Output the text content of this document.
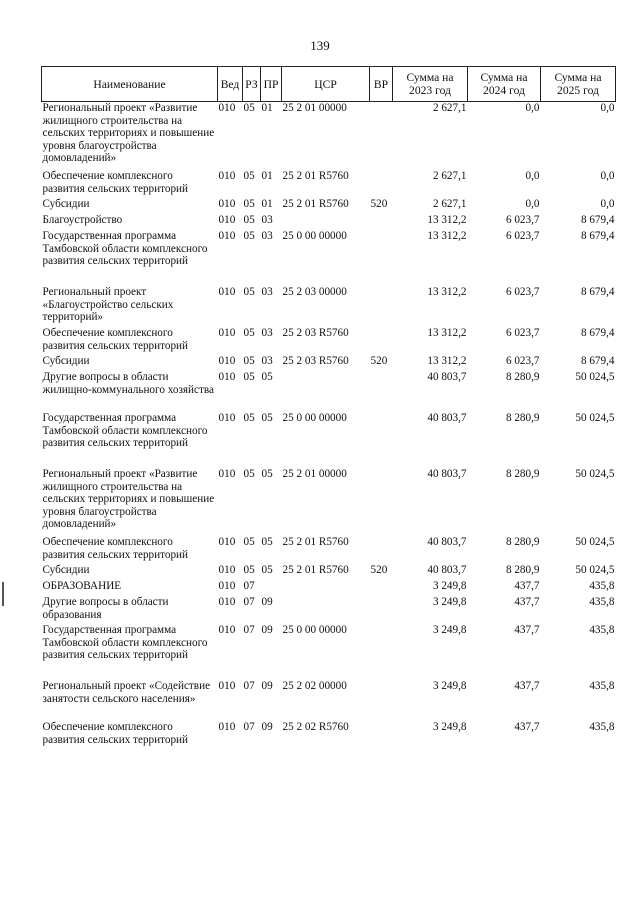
139
Наименование	Вед	РЗ	ПР	ЦСР	ВР	Сумма на 2023 год	Сумма на 2024 год	Сумма на 2025 год
Региональный проект «Развитие жилищного строительства на сельских территориях и повышение уровня благоустройства домовладений»	010	05	01	25 2 01 00000		2 627,1	0,0	0,0
Обеспечение комплексного развития сельских территорий	010	05	01	25 2 01 R5760		2 627,1	0,0	0,0
Субсидии	010	05	01	25 2 01 R5760	520	2 627,1	0,0	0,0
Благоустройство	010	05	03			13 312,2	6 023,7	8 679,4
Государственная программа Тамбовской области комплексного развития сельских территорий	010	05	03	25 0 00 00000		13 312,2	6 023,7	8 679,4
Региональный проект «Благоустройство сельских территорий»	010	05	03	25 2 03 00000		13 312,2	6 023,7	8 679,4
Обеспечение комплексного развития сельских территорий	010	05	03	25 2 03 R5760		13 312,2	6 023,7	8 679,4
Субсидии	010	05	03	25 2 03 R5760	520	13 312,2	6 023,7	8 679,4
Другие вопросы в области жилищно-коммунального хозяйства	010	05	05			40 803,7	8 280,9	50 024,5
Государственная программа Тамбовской области комплексного развития сельских территорий	010	05	05	25 0 00 00000		40 803,7	8 280,9	50 024,5
Региональный проект «Развитие жилищного строительства на сельских территориях и повышение уровня благоустройства домовладений»	010	05	05	25 2 01 00000		40 803,7	8 280,9	50 024,5
Обеспечение комплексного развития сельских территорий	010	05	05	25 2 01 R5760		40 803,7	8 280,9	50 024,5
Субсидии	010	05	05	25 2 01 R5760	520	40 803,7	8 280,9	50 024,5
ОБРАЗОВАНИЕ	010	07				3 249,8	437,7	435,8
Другие вопросы в области образования	010	07	09			3 249,8	437,7	435,8
Государственная программа Тамбовской области комплексного развития сельских территорий	010	07	09	25 0 00 00000		3 249,8	437,7	435,8
Региональный проект «Содействие занятости сельского населения»	010	07	09	25 2 02 00000		3 249,8	437,7	435,8
Обеспечение комплексного развития сельских территорий	010	07	09	25 2 02 R5760		3 249,8	437,7	435,8
